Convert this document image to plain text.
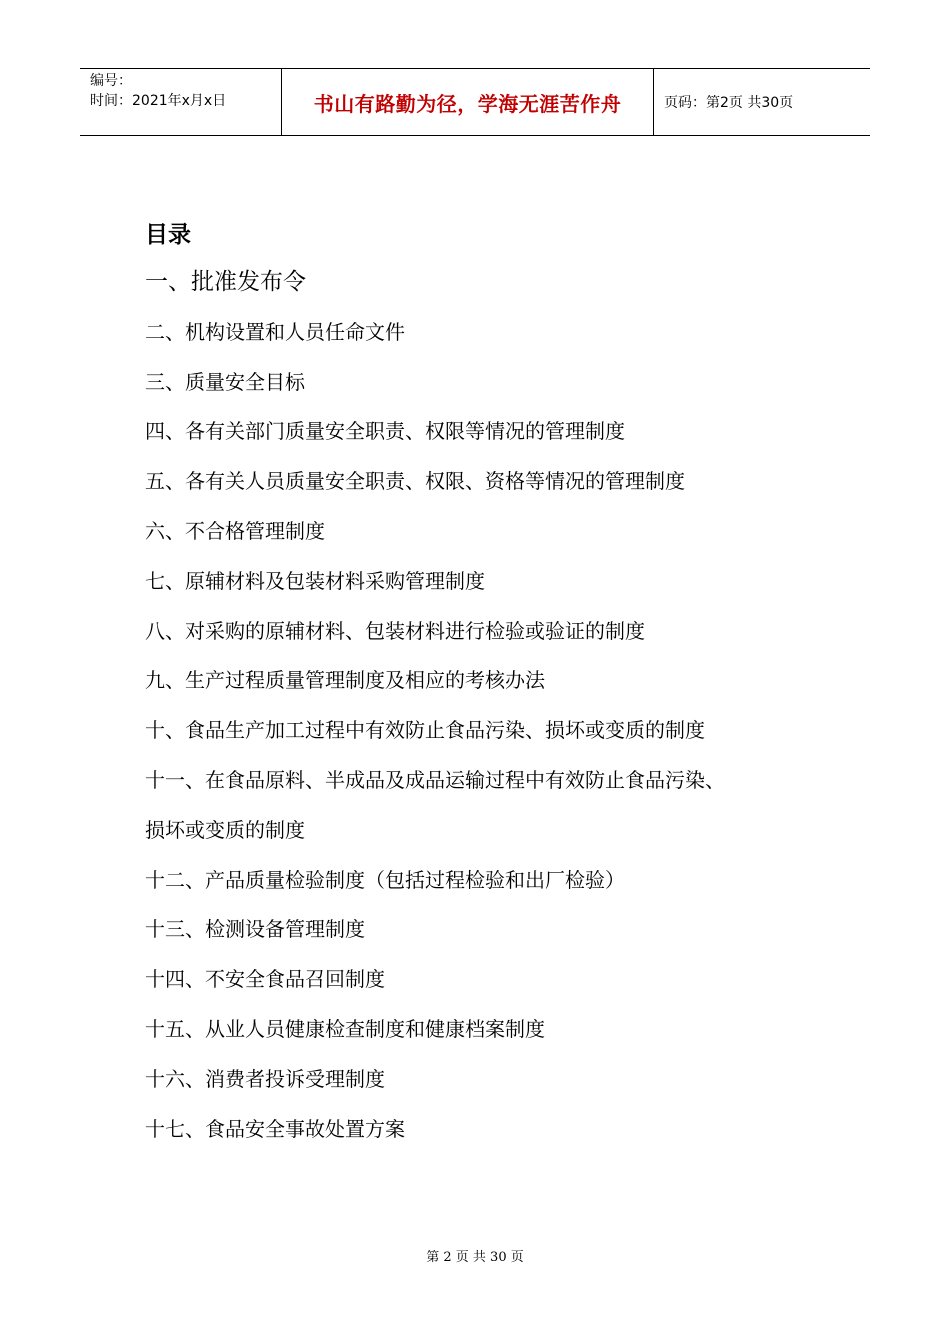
编号：
时间：2021年x月x日	书山有路勤为径，学海无涯苦作舟	页码：第2页 共30页
目录
一、批准发布令
二、机构设置和人员任命文件
三、质量安全目标
四、各有关部门质量安全职责、权限等情况的管理制度
五、各有关人员质量安全职责、权限、资格等情况的管理制度
六、不合格管理制度
七、原辅材料及包装材料采购管理制度
八、对采购的原辅材料、包装材料进行检验或验证的制度
九、生产过程质量管理制度及相应的考核办法
十、食品生产加工过程中有效防止食品污染、损坏或变质的制度
十一、在食品原料、半成品及成品运输过程中有效防止食品污染、
损坏或变质的制度
十二、产品质量检验制度（包括过程检验和出厂检验）
十三、检测设备管理制度
十四、不安全食品召回制度
十五、从业人员健康检查制度和健康档案制度
十六、消费者投诉受理制度
十七、食品安全事故处置方案
第 2 页 共 30 页
